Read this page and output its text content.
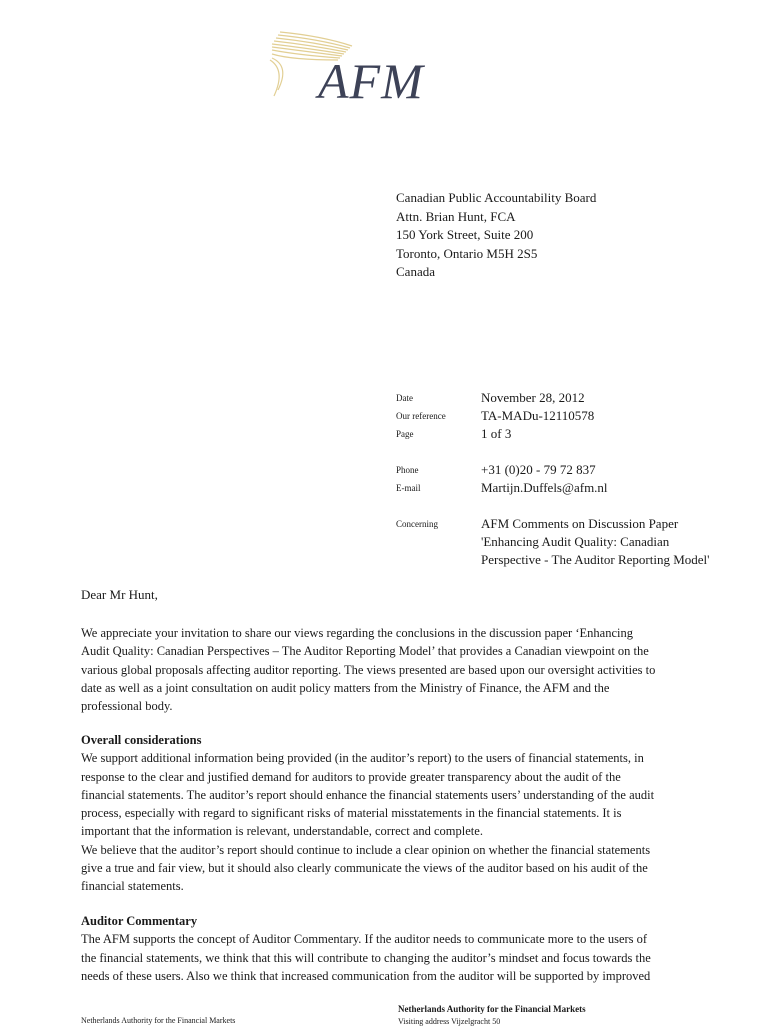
AFM
Canadian Public Accountability Board
Attn. Brian Hunt, FCA
150 York Street, Suite 200
Toronto, Ontario M5H 2S5
Canada
Date	November 28, 2012
Our reference	TA-MADu-12110578
Page	1 of 3
Phone	+31 (0)20 - 79 72 837
E-mail	Martijn.Duffels@afm.nl
Concerning	AFM Comments on Discussion Paper
'Enhancing Audit Quality: Canadian
Perspective - The Auditor Reporting Model'
Dear Mr Hunt,

We appreciate your invitation to share our views regarding the conclusions in the discussion paper ‘Enhancing

Audit Quality: Canadian Perspectives – The Auditor Reporting Model’ that provides a Canadian viewpoint on the

various global proposals affecting auditor reporting. The views presented are based upon our oversight activities to

date as well as a joint consultation on audit policy matters from the Ministry of Finance, the AFM and the

professional body.

Overall considerations

We support additional information being provided (in the auditor’s report) to the users of financial statements, in

response to the clear and justified demand for auditors to provide greater transparency about the audit of the

financial statements. The auditor’s report should enhance the financial statements users’ understanding of the audit

process, especially with regard to significant risks of material misstatements in the financial statements. It is

important that the information is relevant, understandable, correct and complete.

We believe that the auditor’s report should continue to include a clear opinion on whether the financial statements

give a true and fair view, but it should also clearly communicate the views of the auditor based on his audit of the

financial statements.

Auditor Commentary

The AFM supports the concept of Auditor Commentary. If the auditor needs to communicate more to the users of

the financial statements, we think that this will contribute to changing the auditor’s mindset and focus towards the

needs of these users. Also we think that increased communication from the auditor will be supported by improved

Netherlands Authority for the Financial Markets
Netherlands Authority for the Financial Markets
Visiting address Vijzelgracht 50
